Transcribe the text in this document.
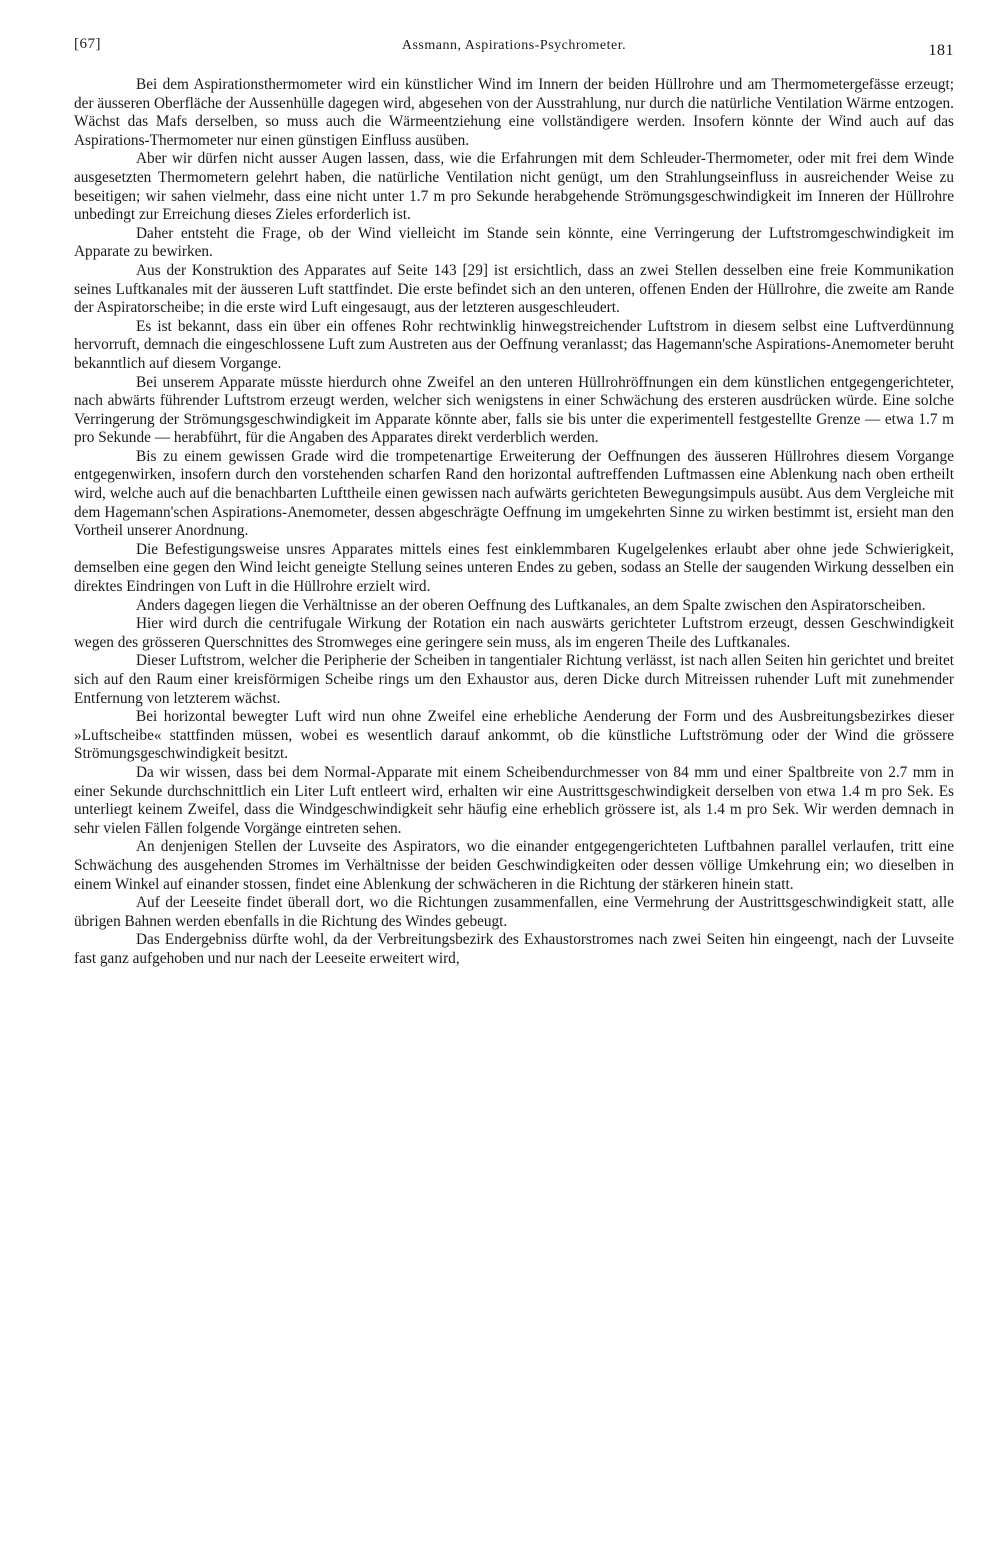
[67]	Assmann, Aspirations-Psychrometer.	181

Bei dem Aspirationsthermometer wird ein künstlicher Wind im Innern der beiden Hüllrohre und am Thermometergefässe erzeugt; der äusseren Oberfläche der Aussenhülle dagegen wird, abgesehen von der Ausstrahlung, nur durch die natürliche Ventilation Wärme entzogen. Wächst das Mafs derselben, so muss auch die Wärmeentziehung eine vollständigere werden. Insofern könnte der Wind auch auf das Aspirations-Thermometer nur einen günstigen Einfluss ausüben.

Aber wir dürfen nicht ausser Augen lassen, dass, wie die Erfahrungen mit dem Schleuder-Thermometer, oder mit frei dem Winde ausgesetzten Thermometern gelehrt haben, die natürliche Ventilation nicht genügt, um den Strahlungseinfluss in ausreichender Weise zu beseitigen; wir sahen vielmehr, dass eine nicht unter 1.7 m pro Sekunde herabgehende Strömungsgeschwindigkeit im Inneren der Hüllrohre unbedingt zur Erreichung dieses Zieles erforderlich ist.

Daher entsteht die Frage, ob der Wind vielleicht im Stande sein könnte, eine Verringerung der Luftstromgeschwindigkeit im Apparate zu bewirken.

Aus der Konstruktion des Apparates auf Seite 143 [29] ist ersichtlich, dass an zwei Stellen desselben eine freie Kommunikation seines Luftkanales mit der äusseren Luft stattfindet. Die erste befindet sich an den unteren, offenen Enden der Hüllrohre, die zweite am Rande der Aspiratorscheibe; in die erste wird Luft eingesaugt, aus der letzteren ausgeschleudert.

Es ist bekannt, dass ein über ein offenes Rohr rechtwinklig hinwegstreichender Luftstrom in diesem selbst eine Luftverdünnung hervorruft, demnach die eingeschlossene Luft zum Austreten aus der Oeffnung veranlasst; das Hagemann'sche Aspirations-Anemometer beruht bekanntlich auf diesem Vorgange.

Bei unserem Apparate müsste hierdurch ohne Zweifel an den unteren Hüllrohröffnungen ein dem künstlichen entgegengerichteter, nach abwärts führender Luftstrom erzeugt werden, welcher sich wenigstens in einer Schwächung des ersteren ausdrücken würde. Eine solche Verringerung der Strömungsgeschwindigkeit im Apparate könnte aber, falls sie bis unter die experimentell festgestellte Grenze — etwa 1.7 m pro Sekunde — herabführt, für die Angaben des Apparates direkt verderblich werden.

Bis zu einem gewissen Grade wird die trompetenartige Erweiterung der Oeffnungen des äusseren Hüllrohres diesem Vorgange entgegenwirken, insofern durch den vorstehenden scharfen Rand den horizontal auftreffenden Luftmassen eine Ablenkung nach oben ertheilt wird, welche auch auf die benachbarten Lufttheile einen gewissen nach aufwärts gerichteten Bewegungsimpuls ausübt. Aus dem Vergleiche mit dem Hagemann'schen Aspirations-Anemometer, dessen abgeschrägte Oeffnung im umgekehrten Sinne zu wirken bestimmt ist, ersieht man den Vortheil unserer Anordnung.

Die Befestigungsweise unsres Apparates mittels eines fest einklemmbaren Kugelgelenkes erlaubt aber ohne jede Schwierigkeit, demselben eine gegen den Wind leicht geneigte Stellung seines unteren Endes zu geben, sodass an Stelle der saugenden Wirkung desselben ein direktes Eindringen von Luft in die Hüllrohre erzielt wird.

Anders dagegen liegen die Verhältnisse an der oberen Oeffnung des Luftkanales, an dem Spalte zwischen den Aspiratorscheiben.

Hier wird durch die centrifugale Wirkung der Rotation ein nach auswärts gerichteter Luftstrom erzeugt, dessen Geschwindigkeit wegen des grösseren Querschnittes des Stromweges eine geringere sein muss, als im engeren Theile des Luftkanales.

Dieser Luftstrom, welcher die Peripherie der Scheiben in tangentialer Richtung verlässt, ist nach allen Seiten hin gerichtet und breitet sich auf den Raum einer kreisförmigen Scheibe rings um den Exhaustor aus, deren Dicke durch Mitreissen ruhender Luft mit zunehmender Entfernung von letzterem wächst.

Bei horizontal bewegter Luft wird nun ohne Zweifel eine erhebliche Aenderung der Form und des Ausbreitungsbezirkes dieser »Luftscheibe« stattfinden müssen, wobei es wesentlich darauf ankommt, ob die künstliche Luftströmung oder der Wind die grössere Strömungsgeschwindigkeit besitzt.

Da wir wissen, dass bei dem Normal-Apparate mit einem Scheibendurchmesser von 84 mm und einer Spaltbreite von 2.7 mm in einer Sekunde durchschnittlich ein Liter Luft entleert wird, erhalten wir eine Austrittsgeschwindigkeit derselben von etwa 1.4 m pro Sek. Es unterliegt keinem Zweifel, dass die Windgeschwindigkeit sehr häufig eine erheblich grössere ist, als 1.4 m pro Sek. Wir werden demnach in sehr vielen Fällen folgende Vorgänge eintreten sehen.

An denjenigen Stellen der Luvseite des Aspirators, wo die einander entgegengerichteten Luftbahnen parallel verlaufen, tritt eine Schwächung des ausgehenden Stromes im Verhältnisse der beiden Geschwindigkeiten oder dessen völlige Umkehrung ein; wo dieselben in einem Winkel auf einander stossen, findet eine Ablenkung der schwächeren in die Richtung der stärkeren hinein statt.

Auf der Leeseite findet überall dort, wo die Richtungen zusammenfallen, eine Vermehrung der Austrittsgeschwindigkeit statt, alle übrigen Bahnen werden ebenfalls in die Richtung des Windes gebeugt.

Das Endergebniss dürfte wohl, da der Verbreitungsbezirk des Exhaustorstromes nach zwei Seiten hin eingeengt, nach der Luvseite fast ganz aufgehoben und nur nach der Leeseite erweitert wird,
